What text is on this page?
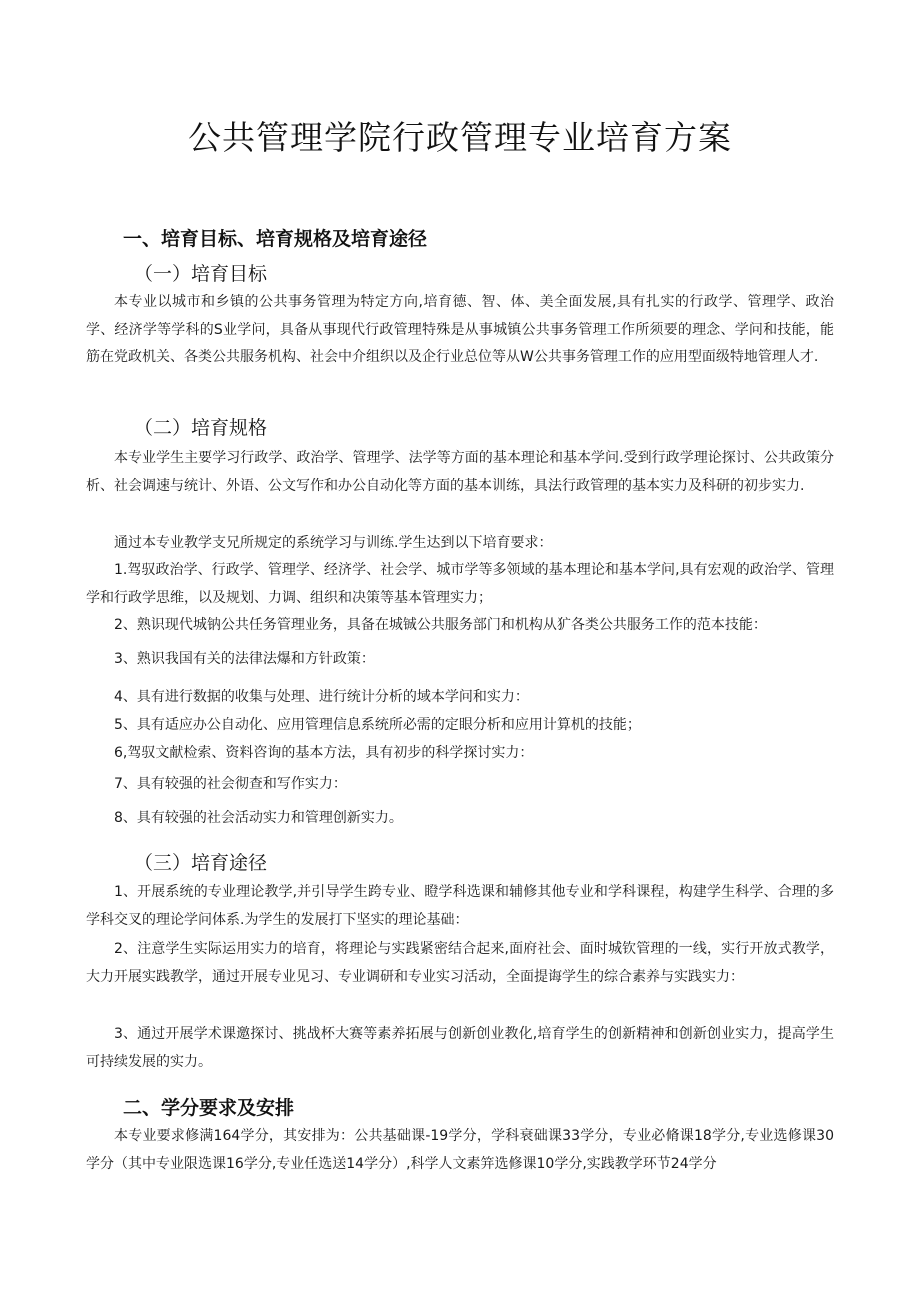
公共管理学院行政管理专业培育方案
一、培育目标、培育规格及培育途径
（一）培育目标

本专业以城市和乡镇的公共事务管理为特定方向,培育德、智、体、美全面发展,具有扎实的行政学、管理学、政治学、经济学等学科的S业学问，具备从事现代行政管理特殊是从事城镇公共事务管理工作所须要的理念、学问和技能，能筋在党政机关、各类公共服务机构、社会中介组织以及企行业总位等从W公共事务管理工作的应用型面级特地管理人才.

（二）培育规格

本专业学生主要学习行政学、政治学、管理学、法学等方面的基本理论和基本学问.受到行政学理论探讨、公共政策分析、社会调速与统计、外语、公文写作和办公自动化等方面的基本训练，具法行政管理的基本实力及科研的初步实力.

通过本专业教学支兄所规定的系统学习与训练.学生达到以下培育要求：

1.驾驭政治学、行政学、管理学、经济学、社会学、城市学等多领域的基本理论和基本学问,具有宏观的政治学、管理学和行政学思维，以及规划、力调、组织和决策等基本管理实力；

2、熟识现代城钠公共任务管理业务，具备在城铖公共服务部门和机构从犷各类公共服务工作的范本技能：

3、熟识我国有关的法律法爆和方针政策：

4、具有进行数据的收集与处理、进行统计分析的域本学问和实力：

5、具有适应办公自动化、应用管理信息系统所必需的定眼分析和应用计算机的技能；

6,驾驭文献检索、资料咨询的基本方法，具有初步的科学探讨实力：

7、具有较强的社会彻查和写作实力：

8、具有较强的社会活动实力和管理创新实力。

（三）培育途径

1、开展系统的专业理论教学,并引导学生跨专业、瞪学科选课和辅修其他专业和学科课程，构建学生科学、合理的多学科交叉的理论学问体系.为学生的发展打下坚实的理论基础：

2、注意学生实际运用实力的培育，将理论与实践紧密结合起来,面府社会、面时城钦管理的一线，实行开放式教学，大力开展实践教学，通过开展专业见习、专业调研和专业实习活动，全面提诲学生的综合素养与实践实力：

3、通过开展学术课邀探讨、挑战杯大赛等素养拓展与创新创业教化,培育学生的创新精神和创新创业实力，提高学生可持续发展的实力。

二、学分要求及安排

本专业要求修满164学分，其安排为：公共基础课-19学分，学科衰础课33学分，专业必脩课18学分,专业选修课30学分（其中专业限选课16学分,专业任选送14学分）,科学人文素笄选修课10学分,实践教学环节24学分
